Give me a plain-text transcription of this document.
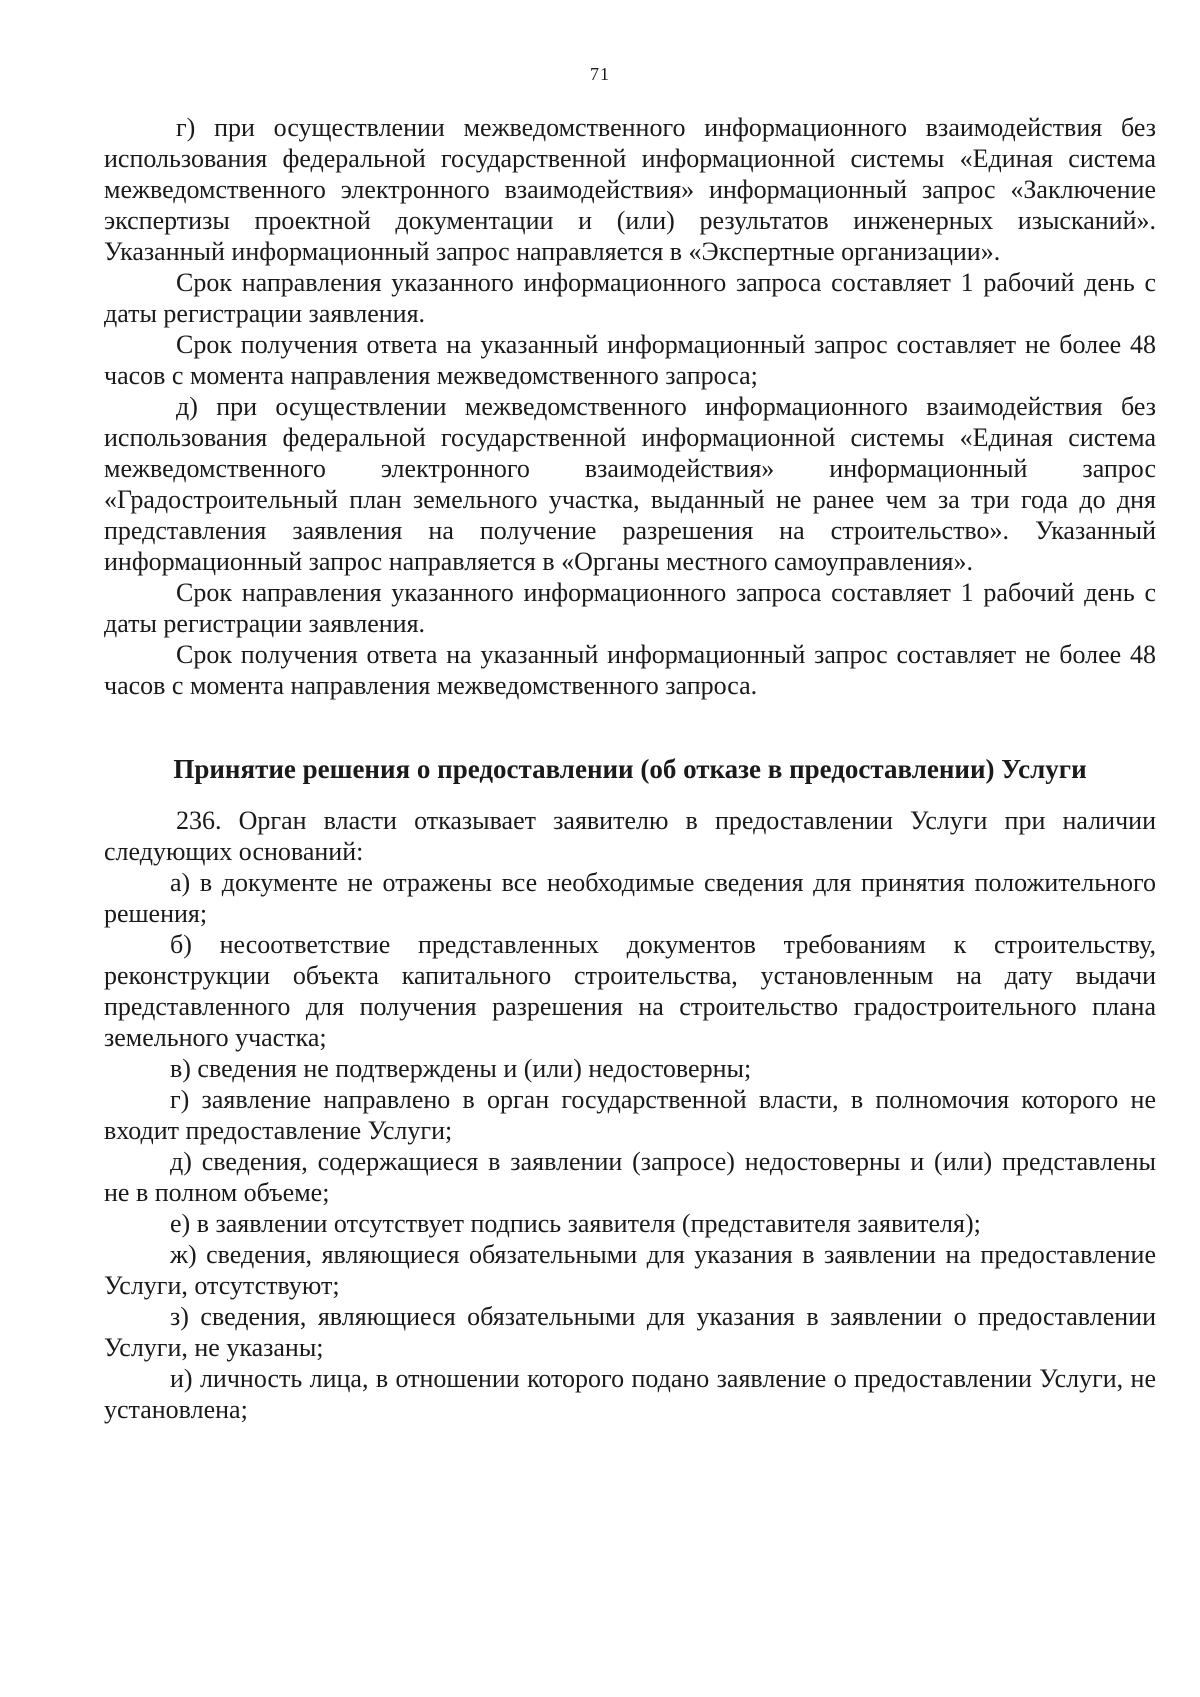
71

г) при осуществлении межведомственного информационного взаимодействия без использования федеральной государственной информационной системы «Единая система межведомственного электронного взаимодействия» информационный запрос «Заключение экспертизы проектной документации и (или) результатов инженерных изысканий». Указанный информационный запрос направляется в «Экспертные организации».

Срок направления указанного информационного запроса составляет 1 рабочий день с даты регистрации заявления.

Срок получения ответа на указанный информационный запрос составляет не более 48 часов с момента направления межведомственного запроса;

д) при осуществлении межведомственного информационного взаимодействия без использования федеральной государственной информационной системы «Единая система межведомственного электронного взаимодействия» информационный запрос «Градостроительный план земельного участка, выданный не ранее чем за три года до дня представления заявления на получение разрешения на строительство». Указанный информационный запрос направляется в «Органы местного самоуправления».

Срок направления указанного информационного запроса составляет 1 рабочий день с даты регистрации заявления.

Срок получения ответа на указанный информационный запрос составляет не более 48 часов с момента направления межведомственного запроса.

Принятие решения о предоставлении (об отказе в предоставлении) Услуги

236. Орган власти отказывает заявителю в предоставлении Услуги при наличии следующих оснований:

а) в документе не отражены все необходимые сведения для принятия положительного решения;

б) несоответствие представленных документов требованиям к строительству, реконструкции объекта капитального строительства, установленным на дату выдачи представленного для получения разрешения на строительство градостроительного плана земельного участка;

в) сведения не подтверждены и (или) недостоверны;

г) заявление направлено в орган государственной власти, в полномочия которого не входит предоставление Услуги;

д) сведения, содержащиеся в заявлении (запросе) недостоверны и (или) представлены не в полном объеме;

е) в заявлении отсутствует подпись заявителя (представителя заявителя);

ж) сведения, являющиеся обязательными для указания в заявлении на предоставление Услуги, отсутствуют;

з) сведения, являющиеся обязательными для указания в заявлении о предоставлении Услуги, не указаны;

и) личность лица, в отношении которого подано заявление о предоставлении Услуги, не установлена;
